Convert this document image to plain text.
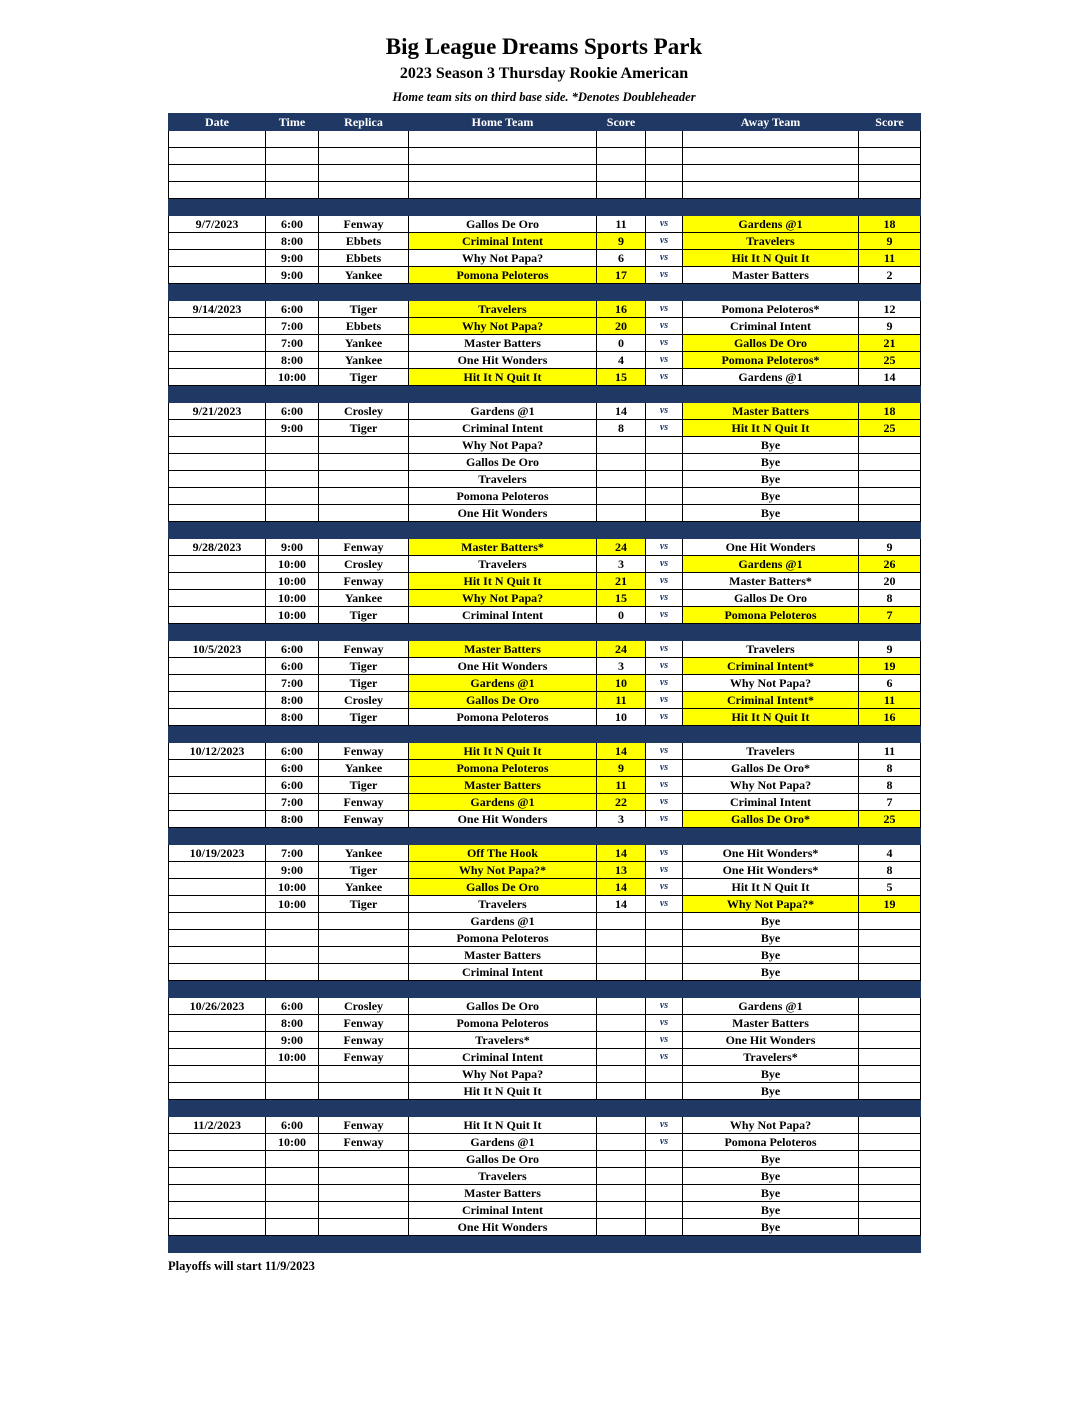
Big League Dreams Sports Park
2023 Season 3 Thursday Rookie American
Home team sits on third base side. *Denotes Doubleheader
Date	Time	Replica	Home Team	Score		Away Team	Score

9/7/2023	6:00	Fenway	Gallos De Oro	11	vs	Gardens @1	18
	8:00	Ebbets	Criminal Intent	9	vs	Travelers	9
	9:00	Ebbets	Why Not Papa?	6	vs	Hit It N Quit It	11
	9:00	Yankee	Pomona Peloteros	17	vs	Master Batters	2

9/14/2023	6:00	Tiger	Travelers	16	vs	Pomona Peloteros*	12
	7:00	Ebbets	Why Not Papa?	20	vs	Criminal Intent	9
	7:00	Yankee	Master Batters	0	vs	Gallos De Oro	21
	8:00	Yankee	One Hit Wonders	4	vs	Pomona Peloteros*	25
	10:00	Tiger	Hit It N Quit It	15	vs	Gardens @1	14

9/21/2023	6:00	Crosley	Gardens @1	14	vs	Master Batters	18
	9:00	Tiger	Criminal Intent	8	vs	Hit It N Quit It	25
			Why Not Papa?			Bye	
			Gallos De Oro			Bye	
			Travelers			Bye	
			Pomona Peloteros			Bye	
			One Hit Wonders			Bye	

9/28/2023	9:00	Fenway	Master Batters*	24	vs	One Hit Wonders	9
	10:00	Crosley	Travelers	3	vs	Gardens @1	26
	10:00	Fenway	Hit It N Quit It	21	vs	Master Batters*	20
	10:00	Yankee	Why Not Papa?	15	vs	Gallos De Oro	8
	10:00	Tiger	Criminal Intent	0	vs	Pomona Peloteros	7

10/5/2023	6:00	Fenway	Master Batters	24	vs	Travelers	9
	6:00	Tiger	One Hit Wonders	3	vs	Criminal Intent*	19
	7:00	Tiger	Gardens @1	10	vs	Why Not Papa?	6
	8:00	Crosley	Gallos De Oro	11	vs	Criminal Intent*	11
	8:00	Tiger	Pomona Peloteros	10	vs	Hit It N Quit It	16

10/12/2023	6:00	Fenway	Hit It N Quit It	14	vs	Travelers	11
	6:00	Yankee	Pomona Peloteros	9	vs	Gallos De Oro*	8
	6:00	Tiger	Master Batters	11	vs	Why Not Papa?	8
	7:00	Fenway	Gardens @1	22	vs	Criminal Intent	7
	8:00	Fenway	One Hit Wonders	3	vs	Gallos De Oro*	25

10/19/2023	7:00	Yankee	Off The Hook	14	vs	One Hit Wonders*	4
	9:00	Tiger	Why Not Papa?*	13	vs	One Hit Wonders*	8
	10:00	Yankee	Gallos De Oro	14	vs	Hit It N Quit It	5
	10:00	Tiger	Travelers	14	vs	Why Not Papa?*	19
			Gardens @1			Bye	
			Pomona Peloteros			Bye	
			Master Batters			Bye	
			Criminal Intent			Bye	

10/26/2023	6:00	Crosley	Gallos De Oro		vs	Gardens @1	
	8:00	Fenway	Pomona Peloteros		vs	Master Batters	
	9:00	Fenway	Travelers*		vs	One Hit Wonders	
	10:00	Fenway	Criminal Intent		vs	Travelers*	
			Why Not Papa?			Bye	
			Hit It N Quit It			Bye	

11/2/2023	6:00	Fenway	Hit It N Quit It		vs	Why Not Papa?	
	10:00	Fenway	Gardens @1		vs	Pomona Peloteros	
			Gallos De Oro			Bye	
			Travelers			Bye	
			Master Batters			Bye	
			Criminal Intent			Bye	
			One Hit Wonders			Bye	

Playoffs will start 11/9/2023
